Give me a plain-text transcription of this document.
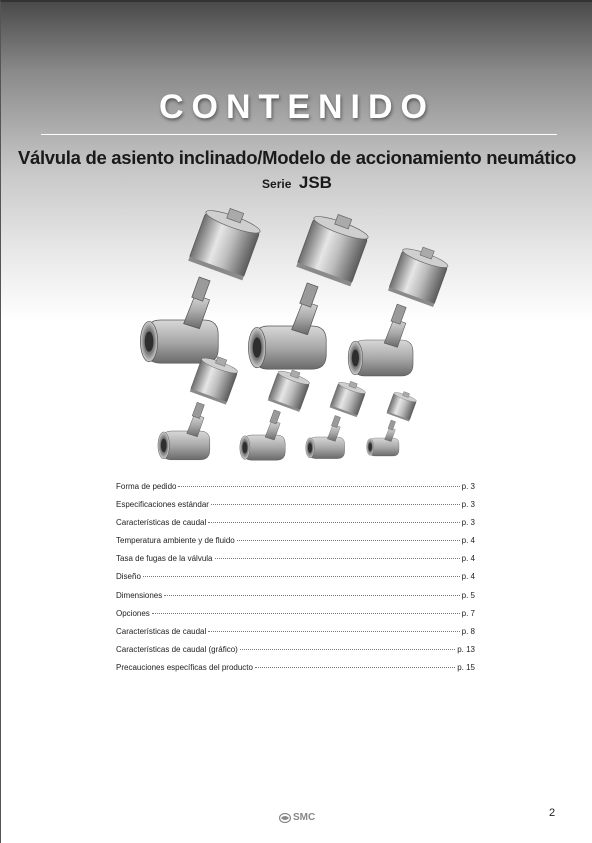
CONTENIDO
Válvula de asiento inclinado/Modelo de accionamiento neumático
Serie JSB
Forma de pedido	p. 3
Especificaciones estándar	p. 3
Características de caudal	p. 3
Temperatura ambiente y de fluido	p. 4
Tasa de fugas de la válvula	p. 4
Diseño	p. 4
Dimensiones	p. 5
Opciones	p. 7
Características de caudal	p. 8
Características de caudal (gráfico)	p. 13
Precauciones específicas del producto	p. 15
SMC	2
